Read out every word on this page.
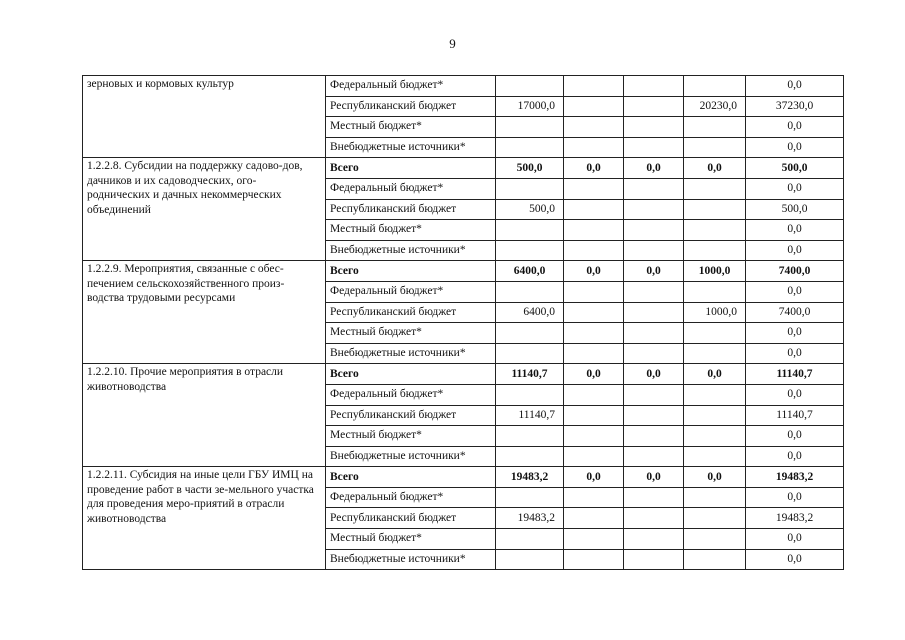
9
зерновых и кормовых культур	Федеральный бюджет*					0,0
	Республиканский бюджет	17000,0			20230,0	37230,0
	Местный бюджет*					0,0
	Внебюджетные источники*					0,0
1.2.2.8. Субсидии на поддержку садово-дов, дачников и их садоводческих, ого-роднических и дачных некоммерческих объединений	Всего	500,0	0,0	0,0	0,0	500,0
	Федеральный бюджет*					0,0
	Республиканский бюджет	500,0				500,0
	Местный бюджет*					0,0
	Внебюджетные источники*					0,0
1.2.2.9. Мероприятия, связанные с обес-печением сельскохозяйственного произ-водства трудовыми ресурсами	Всего	6400,0	0,0	0,0	1000,0	7400,0
	Федеральный бюджет*					0,0
	Республиканский бюджет	6400,0			1000,0	7400,0
	Местный бюджет*					0,0
	Внебюджетные источники*					0,0
1.2.2.10. Прочие мероприятия в отрасли животноводства	Всего	11140,7	0,0	0,0	0,0	11140,7
	Федеральный бюджет*					0,0
	Республиканский бюджет	11140,7				11140,7
	Местный бюджет*					0,0
	Внебюджетные источники*					0,0
1.2.2.11. Субсидия на иные цели ГБУ ИМЦ на проведение работ в части зе-мельного участка для проведения меро-приятий в отрасли животноводства	Всего	19483,2	0,0	0,0	0,0	19483,2
	Федеральный бюджет*					0,0
	Республиканский бюджет	19483,2				19483,2
	Местный бюджет*					0,0
	Внебюджетные источники*					0,0
